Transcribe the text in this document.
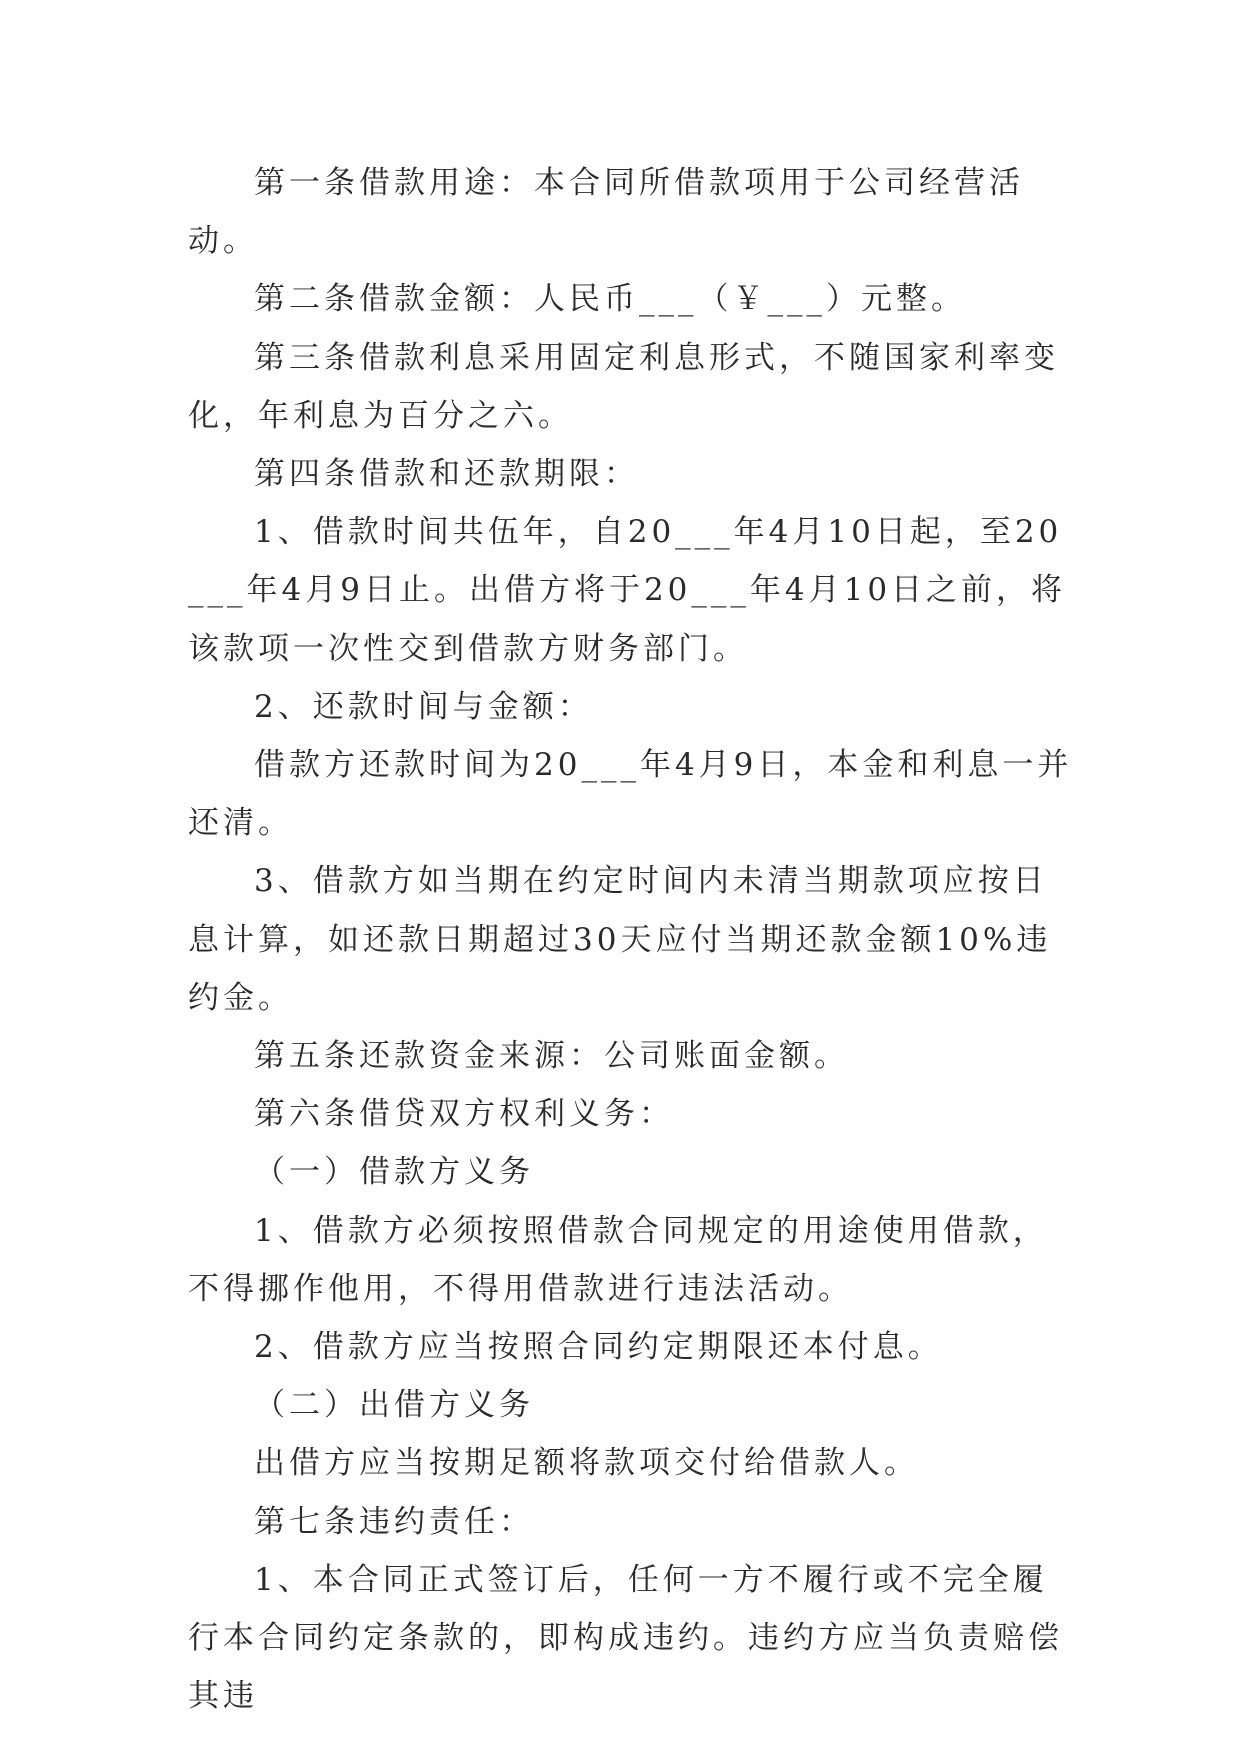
第一条借款用途：本合同所借款项用于公司经营活动。

第二条借款金额：人民币___（￥___）元整。

第三条借款利息采用固定利息形式，不随国家利率变化，年利息为百分之六。

第四条借款和还款期限：

1、借款时间共伍年，自20___年4月10日起，至20___年4月9日止。出借方将于20___年4月10日之前，将该款项一次性交到借款方财务部门。

2、还款时间与金额：

借款方还款时间为20___年4月9日，本金和利息一并还清。

3、借款方如当期在约定时间内未清当期款项应按日息计算，如还款日期超过30天应付当期还款金额10%违约金。

第五条还款资金来源：公司账面金额。

第六条借贷双方权利义务：

（一）借款方义务

1、借款方必须按照借款合同规定的用途使用借款，不得挪作他用，不得用借款进行违法活动。

2、借款方应当按照合同约定期限还本付息。

（二）出借方义务

出借方应当按期足额将款项交付给借款人。

第七条违约责任：

1、本合同正式签订后，任何一方不履行或不完全履行本合同约定条款的，即构成违约。违约方应当负责赔偿其违
